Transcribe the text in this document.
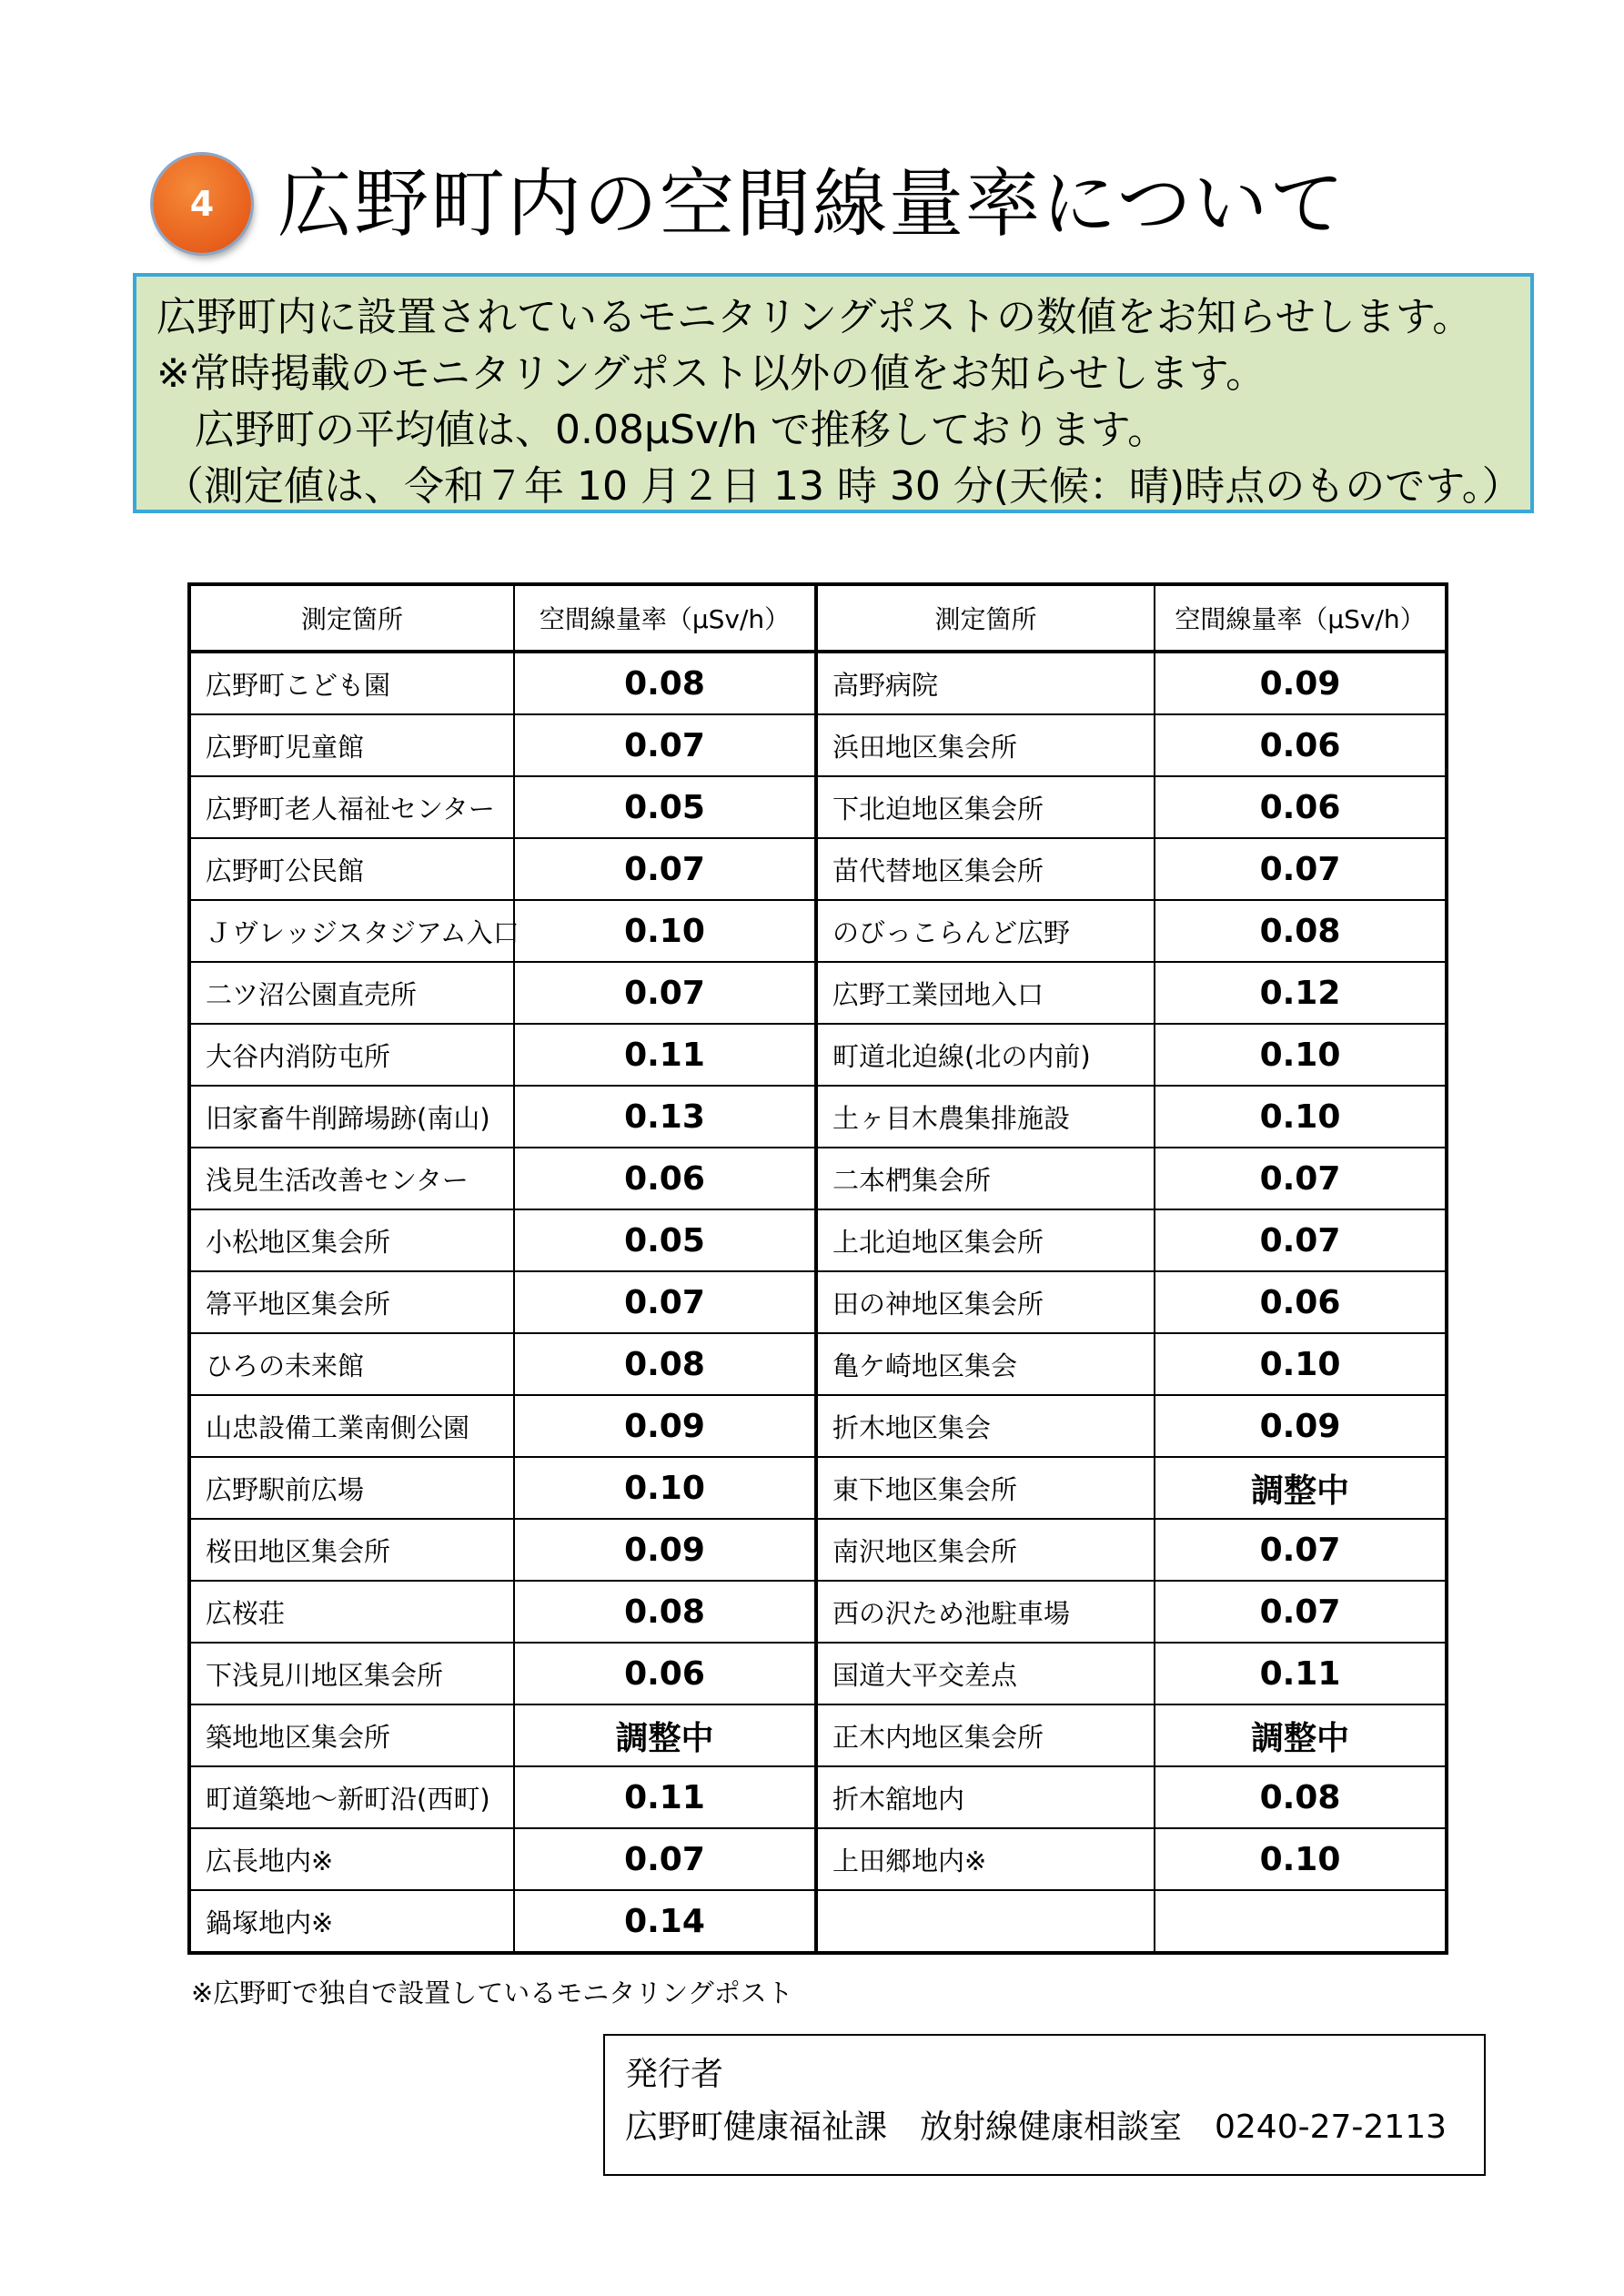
4 広野町内の空間線量率について
広野町内に設置されているモニタリングポストの数値をお知らせします。
※常時掲載のモニタリングポスト以外の値をお知らせします。
広野町の平均値は、0.08μSv/h で推移しております。
（測定値は、令和７年 10 月２日 13 時 30 分(天候：晴)時点のものです。）
測定箇所	空間線量率（μSv/h）	測定箇所	空間線量率（μSv/h）
広野町こども園	0.08	高野病院	0.09
広野町児童館	0.07	浜田地区集会所	0.06
広野町老人福祉センター	0.05	下北迫地区集会所	0.06
広野町公民館	0.07	苗代替地区集会所	0.07
Ｊヴレッジスタジアム入口	0.10	のびっこらんど広野	0.08
二ツ沼公園直売所	0.07	広野工業団地入口	0.12
大谷内消防屯所	0.11	町道北迫線(北の内前)	0.10
旧家畜牛削蹄場跡(南山)	0.13	土ヶ目木農集排施設	0.10
浅見生活改善センター	0.06	二本椚集会所	0.07
小松地区集会所	0.05	上北迫地区集会所	0.07
箒平地区集会所	0.07	田の神地区集会所	0.06
ひろの未来館	0.08	亀ケ崎地区集会	0.10
山忠設備工業南側公園	0.09	折木地区集会	0.09
広野駅前広場	0.10	東下地区集会所	調整中
桜田地区集会所	0.09	南沢地区集会所	0.07
広桜荘	0.08	西の沢ため池駐車場	0.07
下浅見川地区集会所	0.06	国道大平交差点	0.11
築地地区集会所	調整中	正木内地区集会所	調整中
町道築地～新町沿(西町)	0.11	折木舘地内	0.08
広長地内※	0.07	上田郷地内※	0.10
鍋塚地内※	0.14		
※広野町で独自で設置しているモニタリングポスト
発行者
広野町健康福祉課　放射線健康相談室　0240-27-2113
